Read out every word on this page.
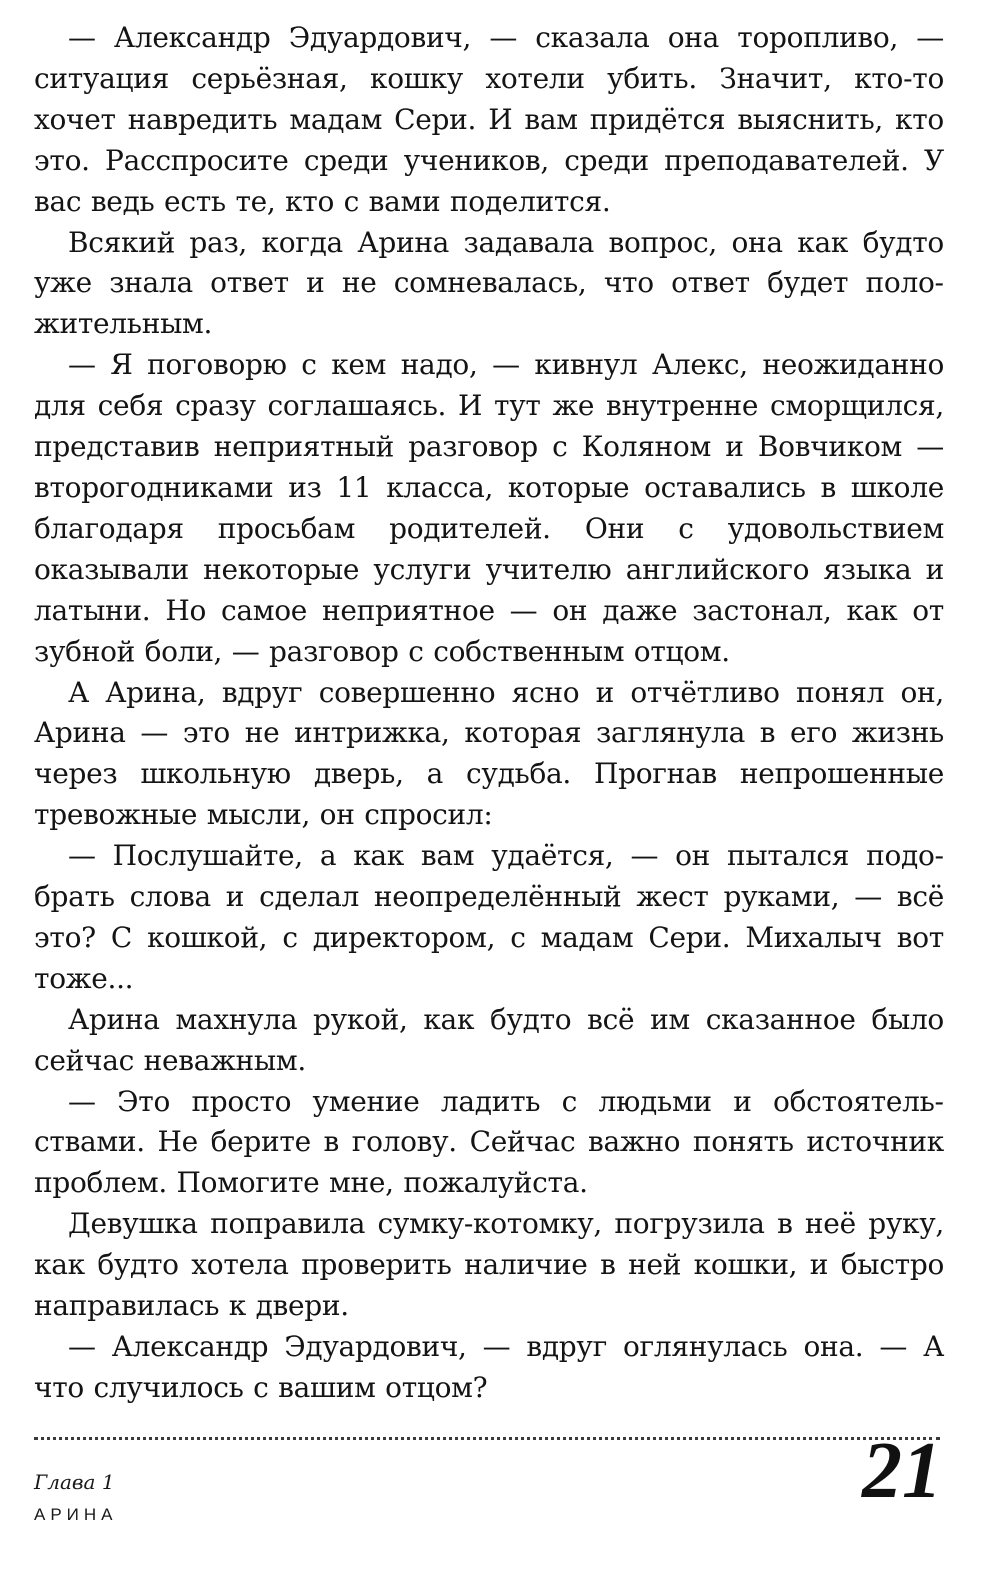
— Александр Эдуардович, — сказала она торопливо, — ситуация серьёзная, кошку хотели убить. Значит, кто-то хочет навредить мадам Сери. И вам придётся выяснить, кто это. Расспросите среди учеников, среди преподавателей. У вас ведь есть те, кто с вами поделится.

Всякий раз, когда Арина задавала вопрос, она как будто уже знала ответ и не сомневалась, что ответ будет положительным.

— Я поговорю с кем надо, — кивнул Алекс, неожиданно для себя сразу соглашаясь. И тут же внутренне сморщился, представив неприятный разговор с Коляном и Вовчиком — второгодниками из 11 класса, которые оставались в школе благодаря просьбам родителей. Они с удовольствием оказывали некоторые услуги учителю английского языка и латыни. Но самое неприятное — он даже застонал, как от зубной боли, — разговор с собственным отцом.

А Арина, вдруг совершенно ясно и отчётливо понял он, Арина — это не интрижка, которая заглянула в его жизнь через школьную дверь, а судьба. Прогнав непрошенные тревожные мысли, он спросил:

— Послушайте, а как вам удаётся, — он пытался подобрать слова и сделал неопределённый жест руками, — всё это? С кошкой, с директором, с мадам Сери. Михалыч вот тоже...

Арина махнула рукой, как будто всё им сказанное было сейчас неважным.

— Это просто умение ладить с людьми и обстоятельствами. Не берите в голову. Сейчас важно понять источник проблем. Помогите мне, пожалуйста.

Девушка поправила сумку-котомку, погрузила в неё руку, как будто хотела проверить наличие в ней кошки, и быстро направилась к двери.

— Александр Эдуардович, — вдруг оглянулась она. — А что случилось с вашим отцом?

Глава 1
АРИНА	21
